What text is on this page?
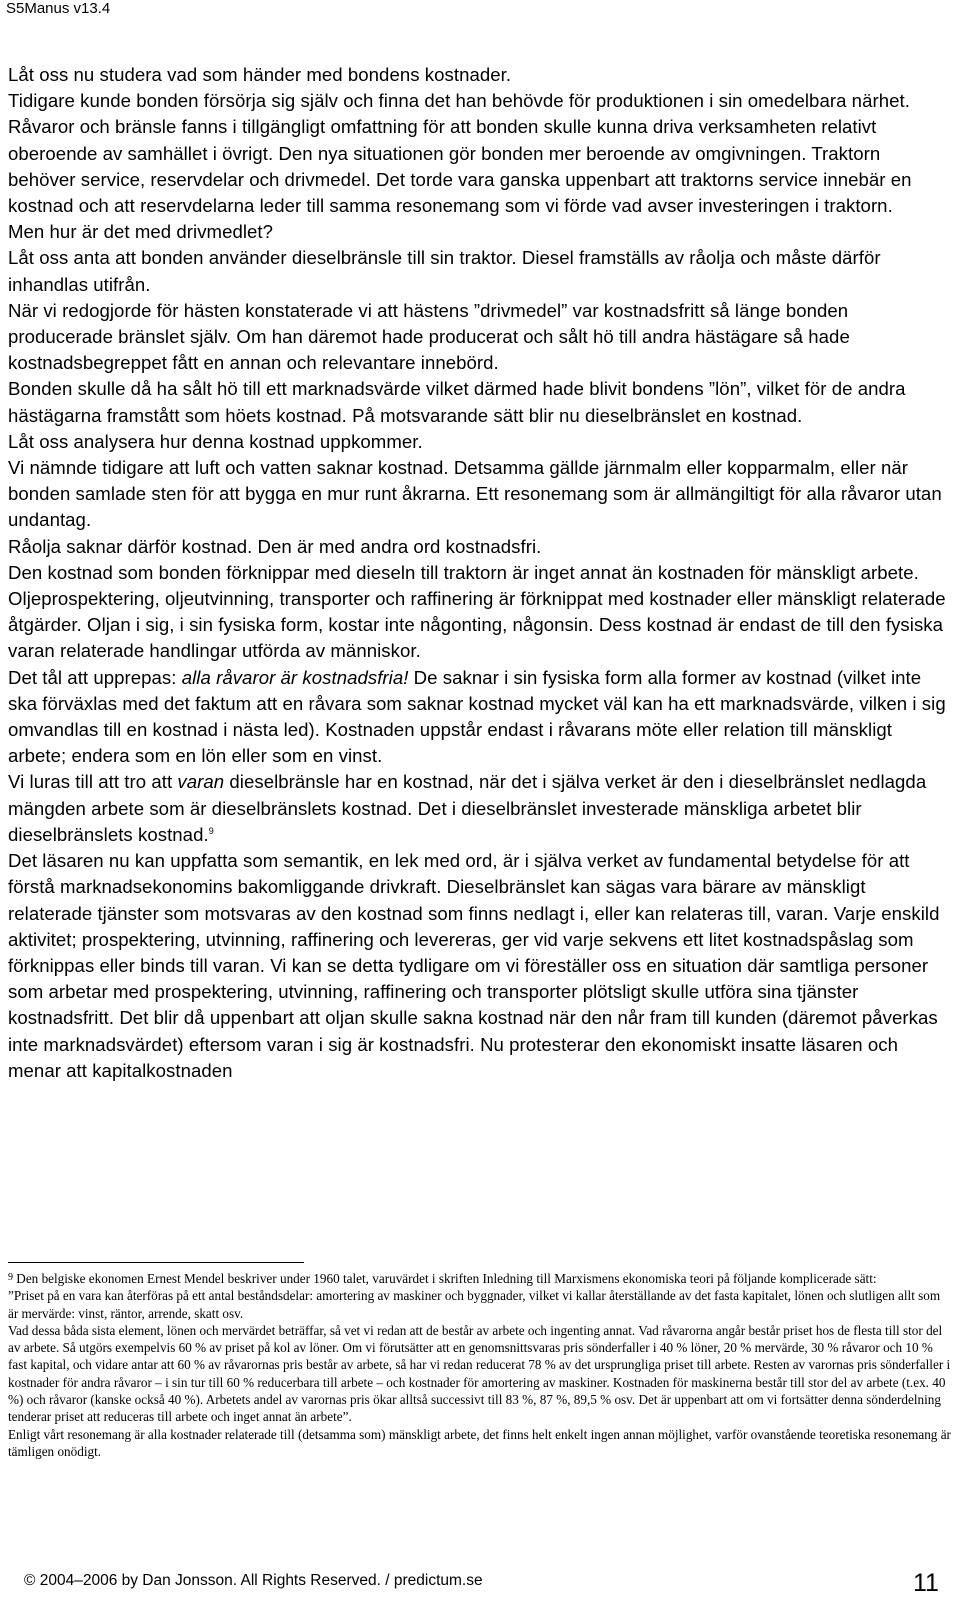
S5Manus v13.4

Låt oss nu studera vad som händer med bondens kostnader.

Tidigare kunde bonden försörja sig själv och finna det han behövde för produktionen i sin omedelbara närhet. Råvaror och bränsle fanns i tillgängligt omfattning för att bonden skulle kunna driva verksamheten relativt oberoende av samhället i övrigt. Den nya situationen gör bonden mer beroende av omgivningen. Traktorn behöver service, reservdelar och drivmedel. Det torde vara ganska uppenbart att traktorns service innebär en kostnad och att reservdelarna leder till samma resonemang som vi förde vad avser investeringen i traktorn.

Men hur är det med drivmedlet?

Låt oss anta att bonden använder dieselbränsle till sin traktor. Diesel framställs av råolja och måste därför inhandlas utifrån.

När vi redogjorde för hästen konstaterade vi att hästens ”drivmedel” var kostnadsfritt så länge bonden producerade bränslet själv. Om han däremot hade producerat och sålt hö till andra hästägare så hade kostnadsbegreppet fått en annan och relevantare innebörd.

Bonden skulle då ha sålt hö till ett marknadsvärde vilket därmed hade blivit bondens ”lön”, vilket för de andra hästägarna framstått som höets kostnad. På motsvarande sätt blir nu dieselbränslet en kostnad.

Låt oss analysera hur denna kostnad uppkommer.

Vi nämnde tidigare att luft och vatten saknar kostnad. Detsamma gällde järnmalm eller kopparmalm, eller när bonden samlade sten för att bygga en mur runt åkrarna. Ett resonemang som är allmängiltigt för alla råvaror utan undantag.

Råolja saknar därför kostnad. Den är med andra ord kostnadsfri.

Den kostnad som bonden förknippar med dieseln till traktorn är inget annat än kostnaden för mänskligt arbete. Oljeprospektering, oljeutvinning, transporter och raffinering är förknippat med kostnader eller mänskligt relaterade åtgärder. Oljan i sig, i sin fysiska form, kostar inte någonting, någonsin. Dess kostnad är endast de till den fysiska varan relaterade handlingar utförda av människor.

Det tål att upprepas: alla råvaror är kostnadsfria! De saknar i sin fysiska form alla former av kostnad (vilket inte ska förväxlas med det faktum att en råvara som saknar kostnad mycket väl kan ha ett marknadsvärde, vilken i sig omvandlas till en kostnad i nästa led). Kostnaden uppstår endast i råvarans möte eller relation till mänskligt arbete; endera som en lön eller som en vinst.

Vi luras till att tro att varan dieselbränsle har en kostnad, när det i själva verket är den i dieselbränslet nedlagda mängden arbete som är dieselbränslets kostnad. Det i dieselbränslet investerade mänskliga arbetet blir dieselbränslets kostnad.$^9$

Det läsaren nu kan uppfatta som semantik, en lek med ord, är i själva verket av fundamental betydelse för att förstå marknadsekonomins bakomliggande drivkraft. Dieselbränslet kan sägas vara bärare av mänskligt relaterade tjänster som motsvaras av den kostnad som finns nedlagt i, eller kan relateras till, varan. Varje enskild aktivitet; prospektering, utvinning, raffinering och levereras, ger vid varje sekvens ett litet kostnadspåslag som förknippas eller binds till varan. Vi kan se detta tydligare om vi föreställer oss en situation där samtliga personer som arbetar med prospektering, utvinning, raffinering och transporter plötsligt skulle utföra sina tjänster kostnadsfritt. Det blir då uppenbart att oljan skulle sakna kostnad när den når fram till kunden (däremot påverkas inte marknadsvärdet) eftersom varan i sig är kostnadsfri. Nu protesterar den ekonomiskt insatte läsaren och menar att kapitalkostnaden

$^9$ Den belgiske ekonomen Ernest Mendel beskriver under 1960 talet, varuvärdet i skriften Inledning till Marxismens ekonomiska teori på följande komplicerade sätt:

”Priset på en vara kan återföras på ett antal beståndsdelar: amortering av maskiner och byggnader, vilket vi kallar återställande av det fasta kapitalet, lönen och slutligen allt som är mervärde: vinst, räntor, arrende, skatt osv.

Vad dessa båda sista element, lönen och mervärdet beträffar, så vet vi redan att de består av arbete och ingenting annat. Vad råvarorna angår består priset hos de flesta till stor del av arbete. Så utgörs exempelvis 60 % av priset på kol av löner. Om vi förutsätter att en genomsnittsvaras pris sönderfaller i 40 % löner, 20 % mervärde, 30 % råvaror och 10 % fast kapital, och vidare antar att 60 % av råvarornas pris består av arbete, så har vi redan reducerat 78 % av det ursprungliga priset till arbete. Resten av varornas pris sönderfaller i kostnader för andra råvaror – i sin tur till 60 % reducerbara till arbete – och kostnader för amortering av maskiner. Kostnaden för maskinerna består till stor del av arbete (t.ex. 40 %) och råvaror (kanske också 40 %). Arbetets andel av varornas pris ökar alltså successivt till 83 %, 87 %, 89,5 % osv. Det är uppenbart att om vi fortsätter denna sönderdelning tenderar priset att reduceras till arbete och inget annat än arbete”.

Enligt vårt resonemang är alla kostnader relaterade till (detsamma som) mänskligt arbete, det finns helt enkelt ingen annan möjlighet, varför ovanstående teoretiska resonemang är tämligen onödigt.

© 2004–2006 by Dan Jonsson. All Rights Reserved. / predictum.se	11
